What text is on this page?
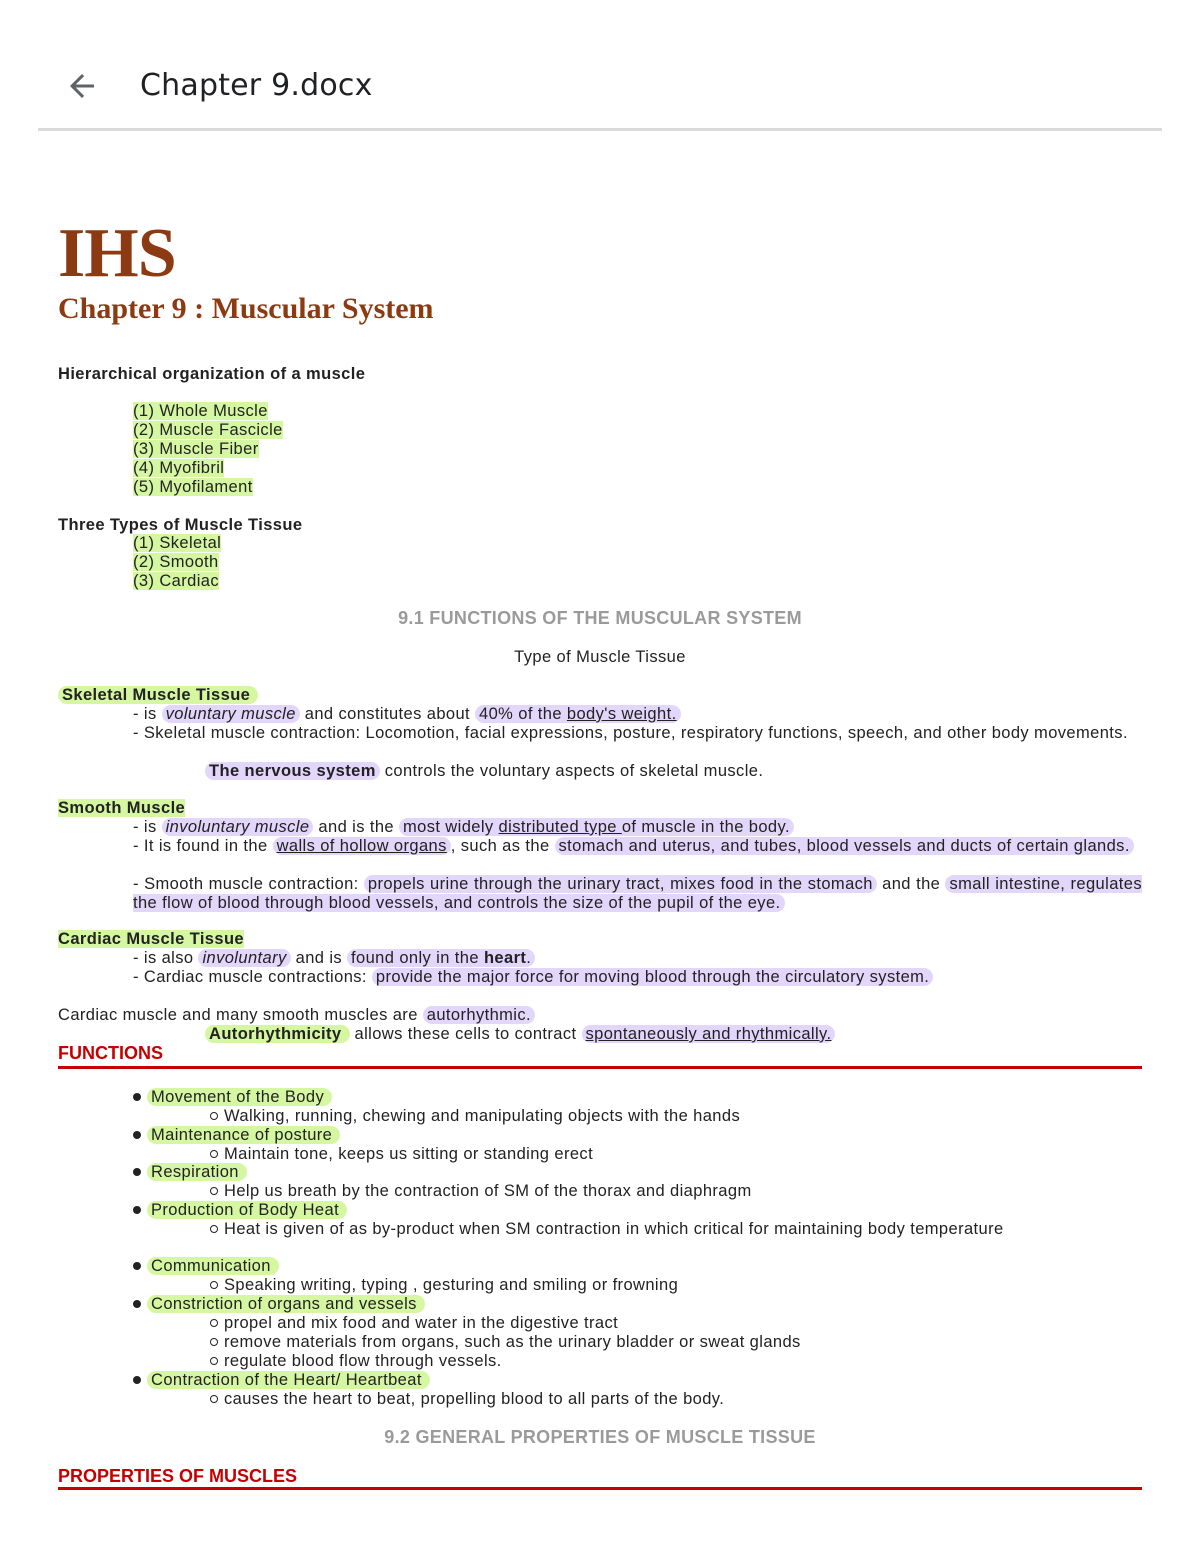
Chapter 9.docx
IHS
Chapter 9 : Muscular System
Hierarchical organization of a muscle
(1) Whole Muscle
(2) Muscle Fascicle
(3) Muscle Fiber
(4) Myofibril
(5) Myofilament
Three Types of Muscle Tissue
(1) Skeletal
(2) Smooth
(3) Cardiac
9.1 FUNCTIONS OF THE MUSCULAR SYSTEM
Type of Muscle Tissue
Skeletal Muscle Tissue
- is voluntary muscle and constitutes about 40% of the body's weight.
- Skeletal muscle contraction: Locomotion, facial expressions, posture, respiratory functions, speech, and other body movements.
The nervous system controls the voluntary aspects of skeletal muscle.
Smooth Muscle
- is involuntary muscle and is the most widely distributed type of muscle in the body.
- It is found in the walls of hollow organs , such as the stomach and uterus, and tubes, blood vessels and ducts of certain glands.
- Smooth muscle contraction: propels urine through the urinary tract, mixes food in the stomach and the small intestine, regulates the flow of blood through blood vessels, and controls the size of the pupil of the eye.
Cardiac Muscle Tissue
- is also involuntary and is found only in the heart.
- Cardiac muscle contractions: provide the major force for moving blood through the circulatory system.
Cardiac muscle and many smooth muscles are autorhythmic.
Autorhythmicity allows these cells to contract spontaneously and rhythmically.
FUNCTIONS
Movement of the Body
Walking, running, chewing and manipulating objects with the hands
Maintenance of posture
Maintain tone, keeps us sitting or standing erect
Respiration
Help us breath by the contraction of SM of the thorax and diaphragm
Production of Body Heat
Heat is given of as by-product when SM contraction in which critical for maintaining body temperature
Communication
Speaking writing, typing , gesturing and smiling or frowning
Constriction of organs and vessels
propel and mix food and water in the digestive tract
remove materials from organs, such as the urinary bladder or sweat glands
regulate blood flow through vessels.
Contraction of the Heart/ Heartbeat
causes the heart to beat, propelling blood to all parts of the body.
9.2 GENERAL PROPERTIES OF MUSCLE TISSUE
PROPERTIES OF MUSCLES
